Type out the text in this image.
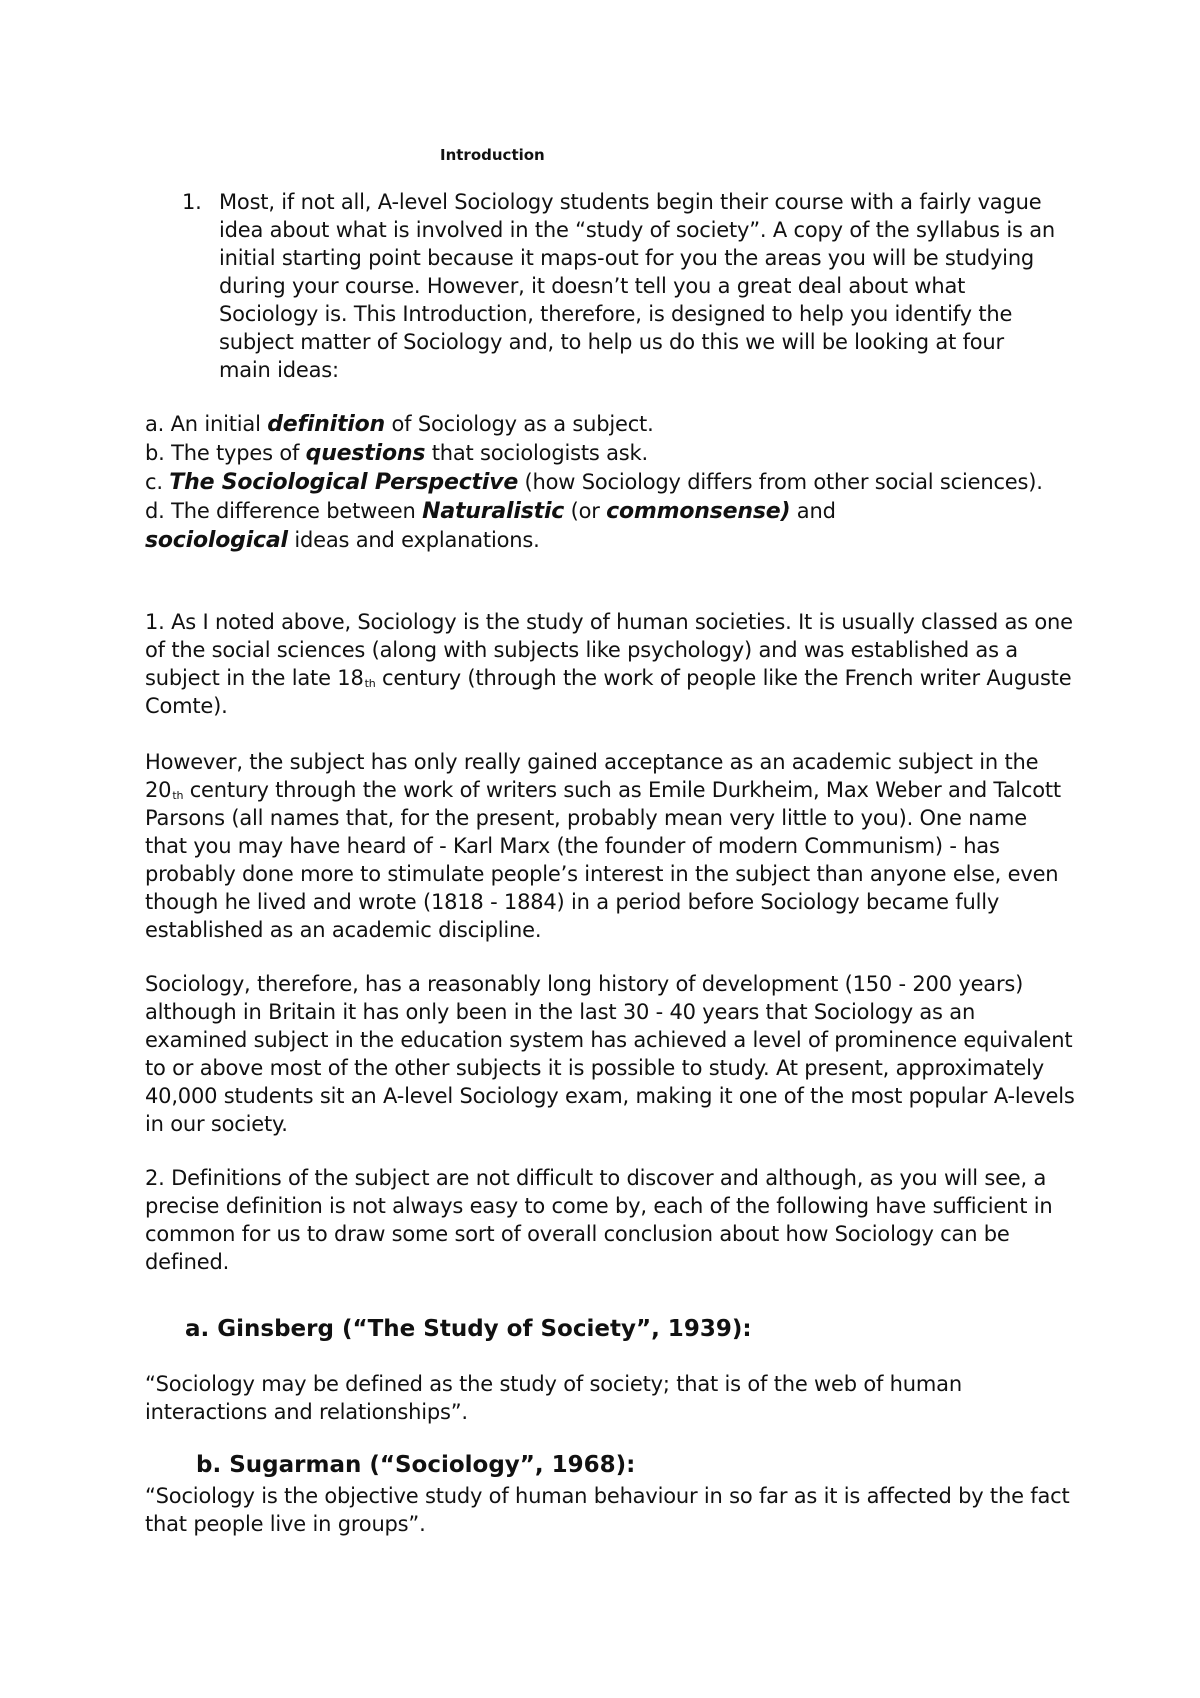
Introduction
1. Most, if not all, A-level Sociology students begin their course with a fairly vague idea about what is involved in the “study of society”. A copy of the syllabus is an initial starting point because it maps-out for you the areas you will be studying during your course. However, it doesn’t tell you a great deal about what Sociology is. This Introduction, therefore, is designed to help you identify the subject matter of Sociology and, to help us do this we will be looking at four main ideas:
a. An initial definition of Sociology as a subject.
b. The types of questions that sociologists ask.
c. The Sociological Perspective (how Sociology differs from other social sciences).
d. The difference between Naturalistic (or commonsense) and
sociological ideas and explanations.

1. As I noted above, Sociology is the study of human societies. It is usually classed as one of the social sciences (along with subjects like psychology) and was established as a subject in the late 18th century (through the work of people like the French writer Auguste Comte).

However, the subject has only really gained acceptance as an academic subject in the 20th century through the work of writers such as Emile Durkheim, Max Weber and Talcott Parsons (all names that, for the present, probably mean very little to you). One name that you may have heard of - Karl Marx (the founder of modern Communism) - has probably done more to stimulate people’s interest in the subject than anyone else, even though he lived and wrote (1818 - 1884) in a period before Sociology became fully established as an academic discipline.

Sociology, therefore, has a reasonably long history of development (150 - 200 years) although in Britain it has only been in the last 30 - 40 years that Sociology as an examined subject in the education system has achieved a level of prominence equivalent to or above most of the other subjects it is possible to study. At present, approximately 40,000 students sit an A-level Sociology exam, making it one of the most popular A-levels in our society.

2. Definitions of the subject are not difficult to discover and although, as you will see, a precise definition is not always easy to come by, each of the following have sufficient in common for us to draw some sort of overall conclusion about how Sociology can be defined.

a. Ginsberg (“The Study of Society”, 1939):

“Sociology may be defined as the study of society; that is of the web of human interactions and relationships”.

b. Sugarman (“Sociology”, 1968):

“Sociology is the objective study of human behaviour in so far as it is affected by the fact that people live in groups”.
